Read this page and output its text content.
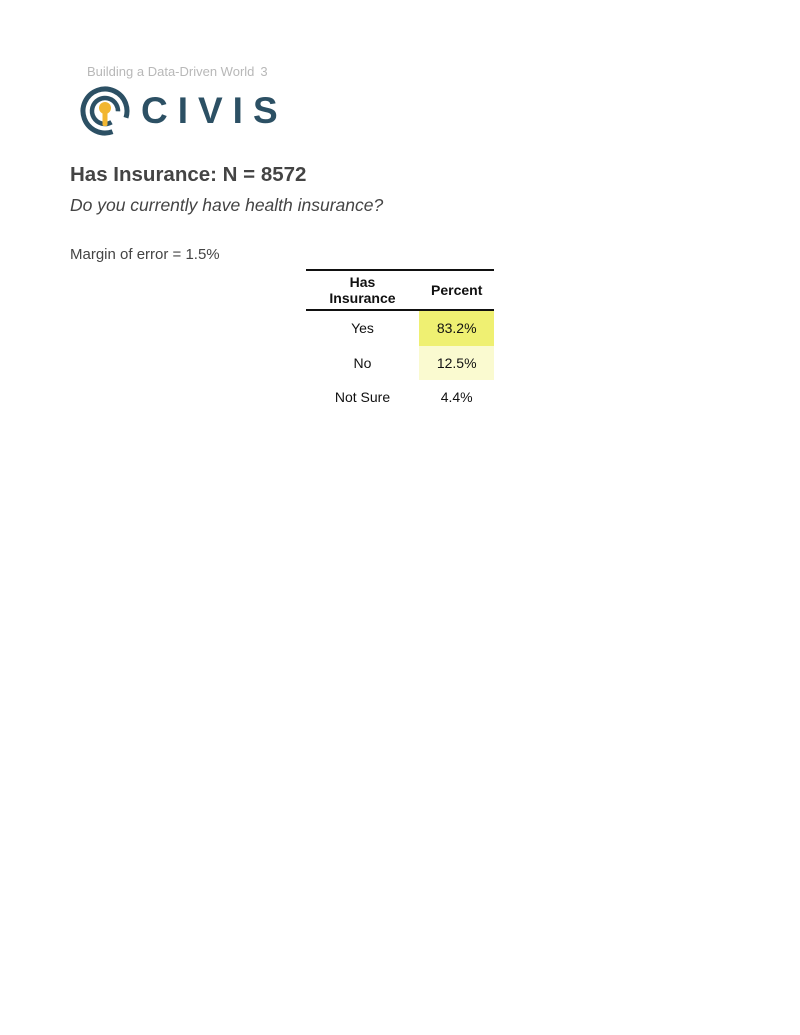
Building a Data-Driven World 3
CIVIS
Has Insurance: N = 8572
Do you currently have health insurance?
Margin of error = 1.5%
Has Insurance	Percent
Yes	83.2%
No	12.5%
Not Sure	4.4%
